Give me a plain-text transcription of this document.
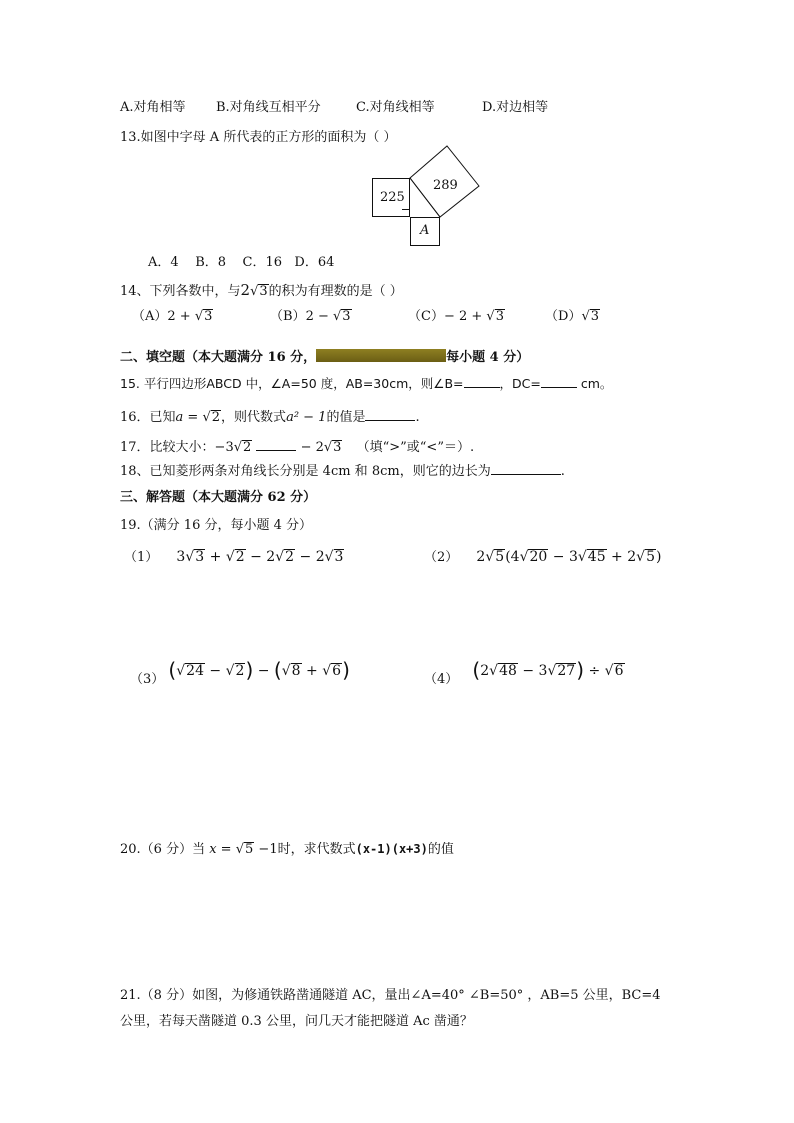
A.对角相等 B.对角线互相平分	C.对角线相等	D.对边相等
13.如图中字母 A 所代表的正方形的面积为（ ）
225
A
289
A．4    B．8    C．16   D．64
14、下列各数中，与2√3的积为有理数的是（ ）
（A）2 + √3	（B）2 − √3	（C）− 2 + √3	（D）√3
二、填空题（本大题满分 16 分，	每小题 4 分）
15. 平行四边形ABCD 中，∠A=50 度，AB=30cm，则∠B=	，DC=	cm。
16．已知a = √2，则代数式a² − 1的值是	.
17．比较大小：−3√2	− 2√3 （填“>”或“<”＝）.
18、已知菱形两条对角线长分别是 4cm 和 8cm，则它的边长为	.
三、解答题（本大题满分 62 分）
19.（满分 16 分，每小题 4 分）
（1） 3√3 + √2 − 2√2 − 2√3	（2） 2√5(4√20 − 3√45 + 2√5)
（3） (√24 − √2) − (√8 + √6)	（4） (2√48 − 3√27) ÷ √6
20.（6 分）当 x = √5 −1时，求代数式(x-1)(x+3)的值
21.（8 分）如图，为修通铁路凿通隧道 AC，量出∠A=40° ∠B=50° ，AB=5 公里，BC=4
公里，若每天凿隧道 0.3 公里，问几天才能把隧道 Ac 凿通？
